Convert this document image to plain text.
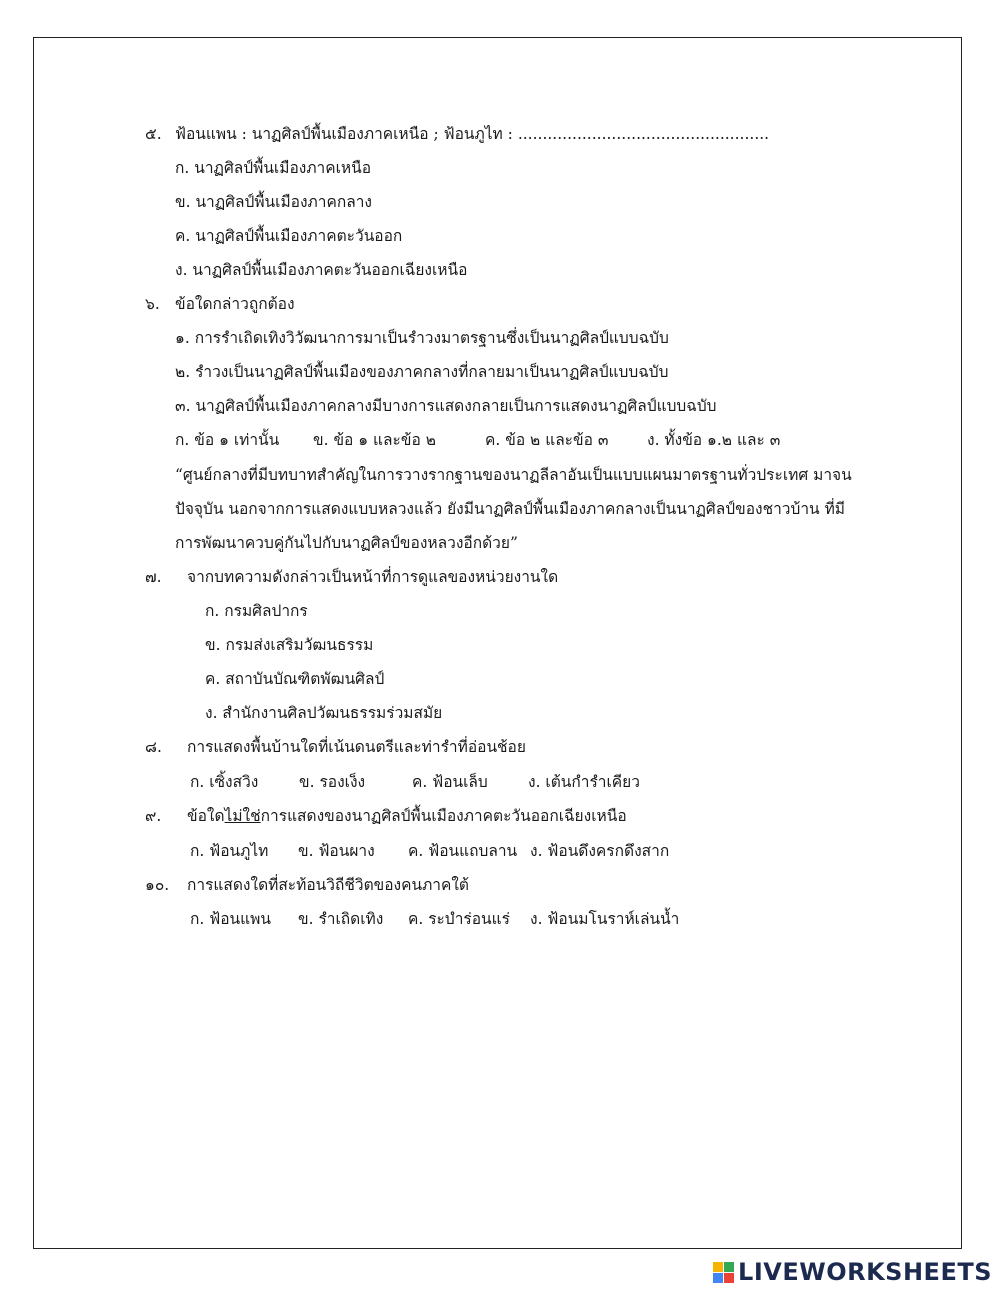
๕. ฟ้อนแพน : นาฏศิลป์พื้นเมืองภาคเหนือ ; ฟ้อนภูไท : ...................................................
ก. นาฏศิลป์พื้นเมืองภาคเหนือ
ข. นาฏศิลป์พื้นเมืองภาคกลาง
ค. นาฏศิลป์พื้นเมืองภาคตะวันออก
ง. นาฏศิลป์พื้นเมืองภาคตะวันออกเฉียงเหนือ
๖. ข้อใดกล่าวถูกต้อง
๑. การรำเถิดเทิงวิวัฒนาการมาเป็นรำวงมาตรฐานซึ่งเป็นนาฏศิลป์แบบฉบับ
๒. รำวงเป็นนาฏศิลป์พื้นเมืองของภาคกลางที่กลายมาเป็นนาฏศิลป์แบบฉบับ
๓. นาฏศิลป์พื้นเมืองภาคกลางมีบางการแสดงกลายเป็นการแสดงนาฏศิลป์แบบฉบับ
ก. ข้อ ๑ เท่านั้น ข. ข้อ ๑ และข้อ ๒	ค. ข้อ ๒ และข้อ ๓ ง. ทั้งข้อ ๑.๒ และ ๓
“ศูนย์กลางที่มีบทบาทสำคัญในการวางรากฐานของนาฏลีลาอันเป็นแบบแผนมาตรฐานทั่วประเทศ มาจน
ปัจจุบัน นอกจากการแสดงแบบหลวงแล้ว ยังมีนาฏศิลป์พื้นเมืองภาคกลางเป็นนาฏศิลป์ของชาวบ้าน ที่มี
การพัฒนาควบคู่กันไปกับนาฏศิลป์ของหลวงอีกด้วย”
๗. จากบทความดังกล่าวเป็นหน้าที่การดูแลของหน่วยงานใด
ก. กรมศิลปากร
ข. กรมส่งเสริมวัฒนธรรม
ค. สถาบันบัณฑิตพัฒนศิลป์
ง. สำนักงานศิลปวัฒนธรรมร่วมสมัย
๘. การแสดงพื้นบ้านใดที่เน้นดนตรีและท่ารำที่อ่อนช้อย
ก. เซิ้งสวิง	ข. รองเง็ง	ค. ฟ้อนเล็บ	ง. เต้นกำรำเคียว
๙. ข้อใดไม่ใช่การแสดงของนาฏศิลป์พื้นเมืองภาคตะวันออกเฉียงเหนือ
ก. ฟ้อนภูไท ข. ฟ้อนผาง ค. ฟ้อนแถบลาน ง. ฟ้อนดึงครกดึงสาก
๑๐. การแสดงใดที่สะท้อนวิถีชีวิตของคนภาคใต้
ก. ฟ้อนแพน ข. รำเถิดเทิง ค. ระบำร่อนแร่ ง. ฟ้อนมโนราห์เล่นน้ำ
LIVEWORKSHEETS
